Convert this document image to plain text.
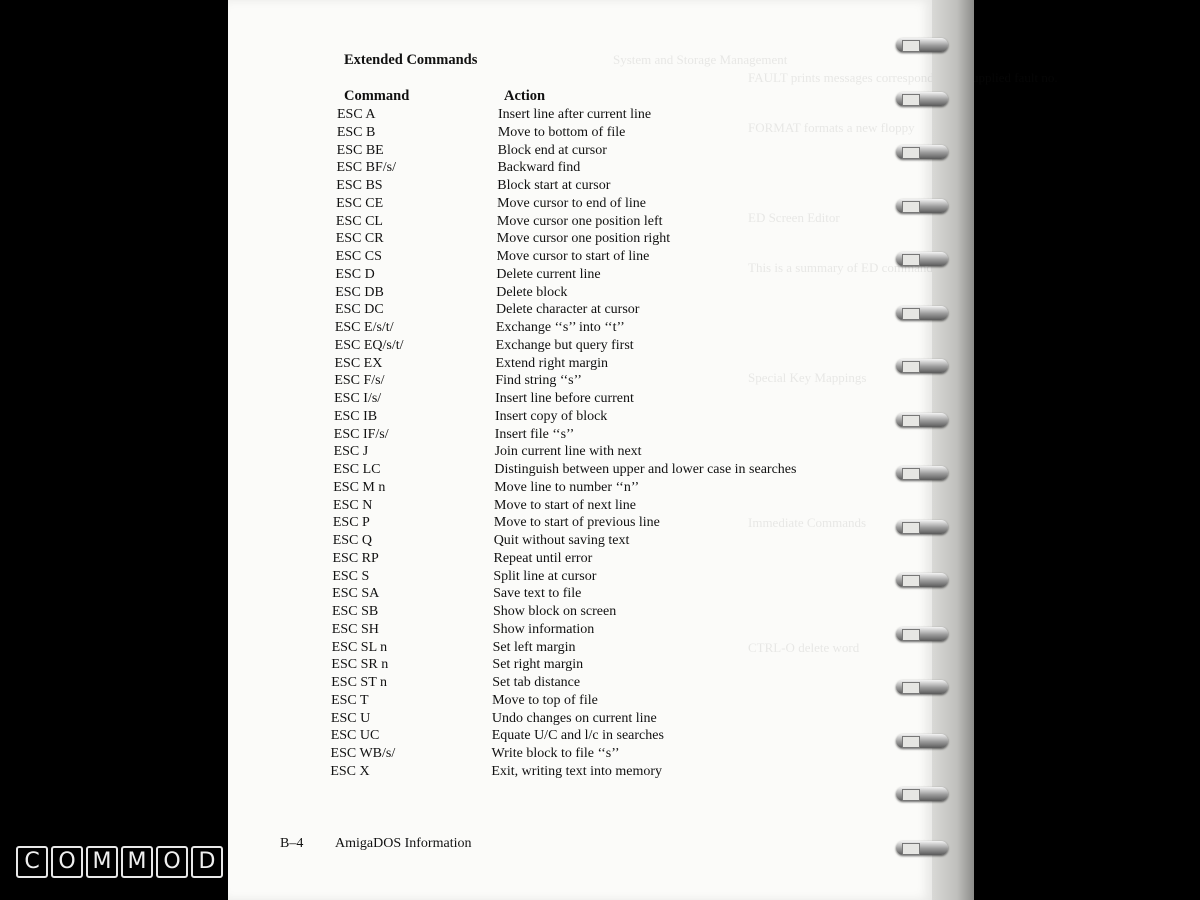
System and Storage Management
FAULT prints messages corresponding to supplied fault no.
FORMAT formats a new floppy
ED Screen Editor
This is a summary of ED commands
Special Key Mappings
Immediate Commands
CTRL-O delete word
Extended Commands
Command	Action
ESC A	Insert line after current line
ESC B	Move to bottom of file
ESC BE	Block end at cursor
ESC BF/s/	Backward find
ESC BS	Block start at cursor
ESC CE	Move cursor to end of line
ESC CL	Move cursor one position left
ESC CR	Move cursor one position right
ESC CS	Move cursor to start of line
ESC D	Delete current line
ESC DB	Delete block
ESC DC	Delete character at cursor
ESC E/s/t/	Exchange ‘‘s’’ into ‘‘t’’
ESC EQ/s/t/	Exchange but query first
ESC EX	Extend right margin
ESC F/s/	Find string ‘‘s’’
ESC I/s/	Insert line before current
ESC IB	Insert copy of block
ESC IF/s/	Insert file ‘‘s’’
ESC J	Join current line with next
ESC LC	Distinguish between upper and lower case in searches
ESC M n	Move line to number ‘‘n’’
ESC N	Move to start of next line
ESC P	Move to start of previous line
ESC Q	Quit without saving text
ESC RP	Repeat until error
ESC S	Split line at cursor
ESC SA	Save text to file
ESC SB	Show block on screen
ESC SH	Show information
ESC SL n	Set left margin
ESC SR n	Set right margin
ESC ST n	Set tab distance
ESC T	Move to top of file
ESC U	Undo changes on current line
ESC UC	Equate U/C and l/c in searches
ESC WB/s/	Write block to file ‘‘s’’
ESC X	Exit, writing text into memory
B–4 AmigaDOS Information
C O M M O D
